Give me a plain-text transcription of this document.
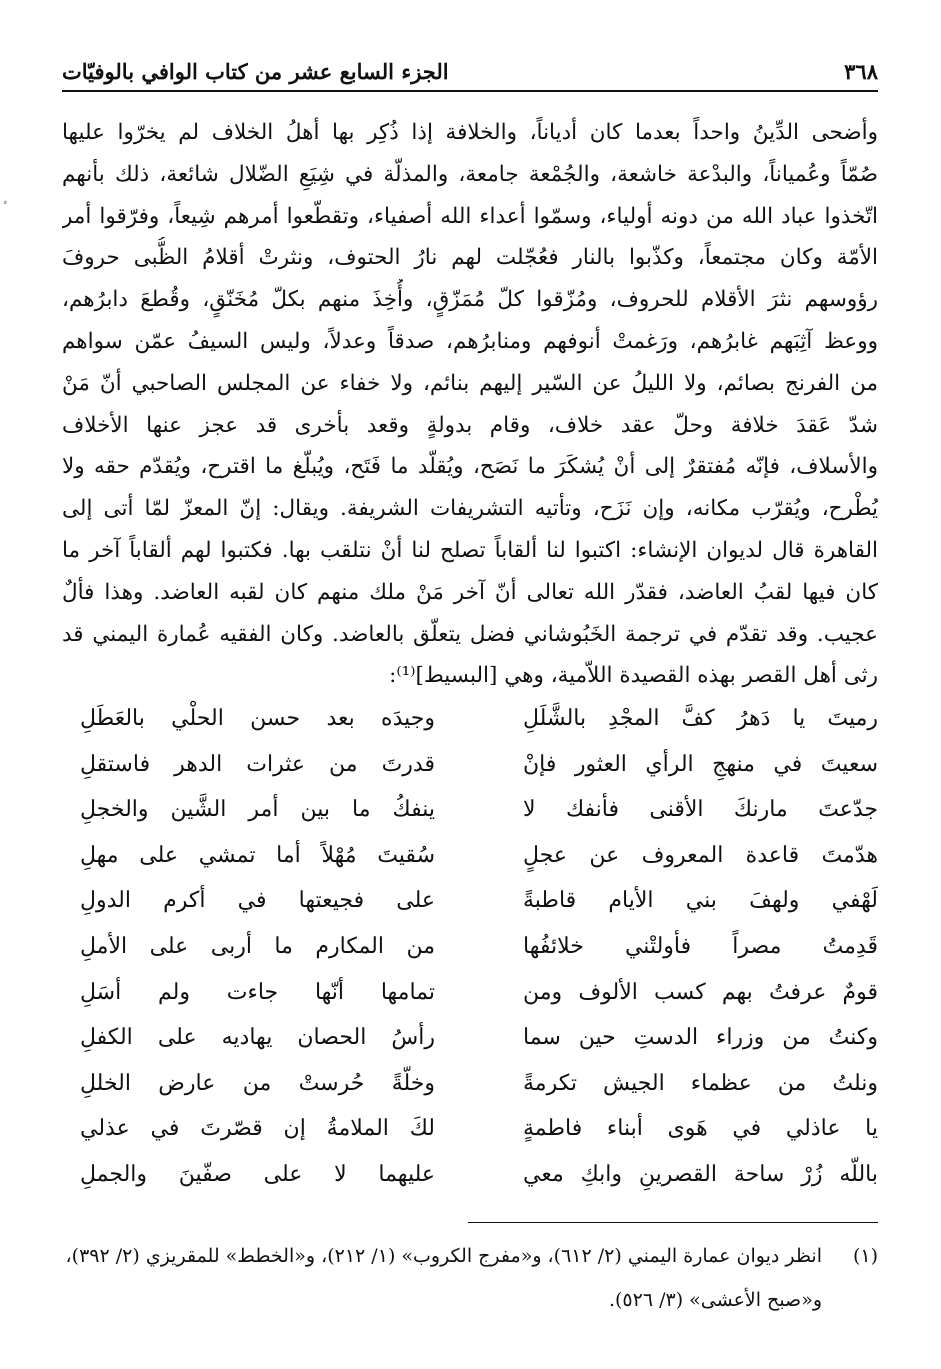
٣٦٨
الجزء السابع عشر من كتاب الوافي بالوفيّات
وأضحى الدِّينُ واحداً بعدما كان أدياناً، والخلافة إذا ذُكِر بها أهلُ الخلاف لم يخرّوا عليها
صُمّاً وعُمياناً، والبدْعة خاشعة، والجُمْعة جامعة، والمذلّة في شِيَعِ الضّلال شائعة، ذلك بأنهم
اتّخذوا عباد الله من دونه أولياء، وسمّوا أعداء الله أصفياء، وتقطّعوا أمرهم شِيعاً، وفرّقوا أمر
الأمّة وكان مجتمعاً، وكذّبوا بالنار فعُجّلت لهم نارُ الحتوف، ونثرتْ أقلامُ الظُّبى حروفَ
رؤوسهم نثرَ الأقلام للحروف، ومُزّقوا كلّ مُمَزّقٍ، وأُخِذَ منهم بكلّ مُخَنّقٍ، وقُطعَ دابرُهم،
ووعظ آثِبَهم غابرُهم، ورَغمتْ أنوفهم ومنابرُهم، صدقاً وعدلاً، وليس السيفُ عمّن سواهم
من الفرنج بصائم، ولا الليلُ عن السّير إليهم بنائم، ولا خفاء عن المجلس الصاحبي أنّ مَنْ
شدّ عَقدَ خلافة وحلّ عقد خلاف، وقام بدولةٍ وقعد بأخرى قد عجز عنها الأخلاف
والأسلاف، فإنّه مُفتقرٌ إلى أنْ يُشكَرَ ما نَصَح، ويُقلّد ما فَتَح، ويُبلّغ ما اقترح، ويُقدّم حقه ولا
يُطْرح، ويُقرّب مكانه، وإن نَزَح، وتأتيه التشريفات الشريفة. ويقال: إنّ المعزّ لمّا أتى إلى
القاهرة قال لديوان الإنشاء: اكتبوا لنا ألقاباً تصلح لنا أنْ نتلقب بها. فكتبوا لهم ألقاباً آخر ما
كان فيها لقبُ العاضد، فقدّر الله تعالى أنّ آخر مَنْ ملك منهم كان لقبه العاضد. وهذا فألٌ
عجيب. وقد تقدّم في ترجمة الخَبُوشاني فضل يتعلّق بالعاضد. وكان الفقيه عُمارة اليمني قد
رثى أهل القصر بهذه القصيدة اللاّمية، وهي [البسيط]⁽¹⁾:
رميتَ يا دَهرُ كفَّ المجْدِ بالشَّلَلِ
وجيدَه بعد حسن الحلْي بالعَطَلِ
سعيتَ في منهجِ الرأي العثور فإنْ
قدرتَ من عثرات الدهر فاستقلِ
جدّعتَ مارنكَ الأقنى فأنفك لا
ينفكُ ما بين أمر الشَّين والخجلِ
هدّمتَ قاعدة المعروف عن عجلٍ
سُقيتَ مُهْلاً أما تمشي على مهلِ
لَهْفي ولهفَ بني الأيام قاطبةً
على فجيعتها في أكرم الدولِ
قَدِمتُ مصراً فأولتْني خلائفُها
من المكارم ما أربى على الأملِ
قومٌ عرفتُ بهم كسب الألوف ومن
تمامها أنّها جاءت ولم أسَلِ
وكنتُ من وزراء الدستِ حين سما
رأسُ الحصان يهاديه على الكفلِ
ونلتُ من عظماء الجيش تكرمةً
وخلّةً حُرستْ من عارض الخللِ
يا عاذلي في هَوى أبناء فاطمةٍ
لكَ الملامةُ إن قصّرتَ في عذلي
باللّه زُرْ ساحة القصرينِ وابكِ معي
عليهما لا على صفّينَ والجملِ
(١)انظر ديوان عمارة اليمني (٢/ ٦١٢)، و«مفرج الكروب» (١/ ٢١٢)، و«الخطط» للمقريزي (٢/ ٣٩٢)،
و«صبح الأعشى» (٣/ ٥٢٦).
